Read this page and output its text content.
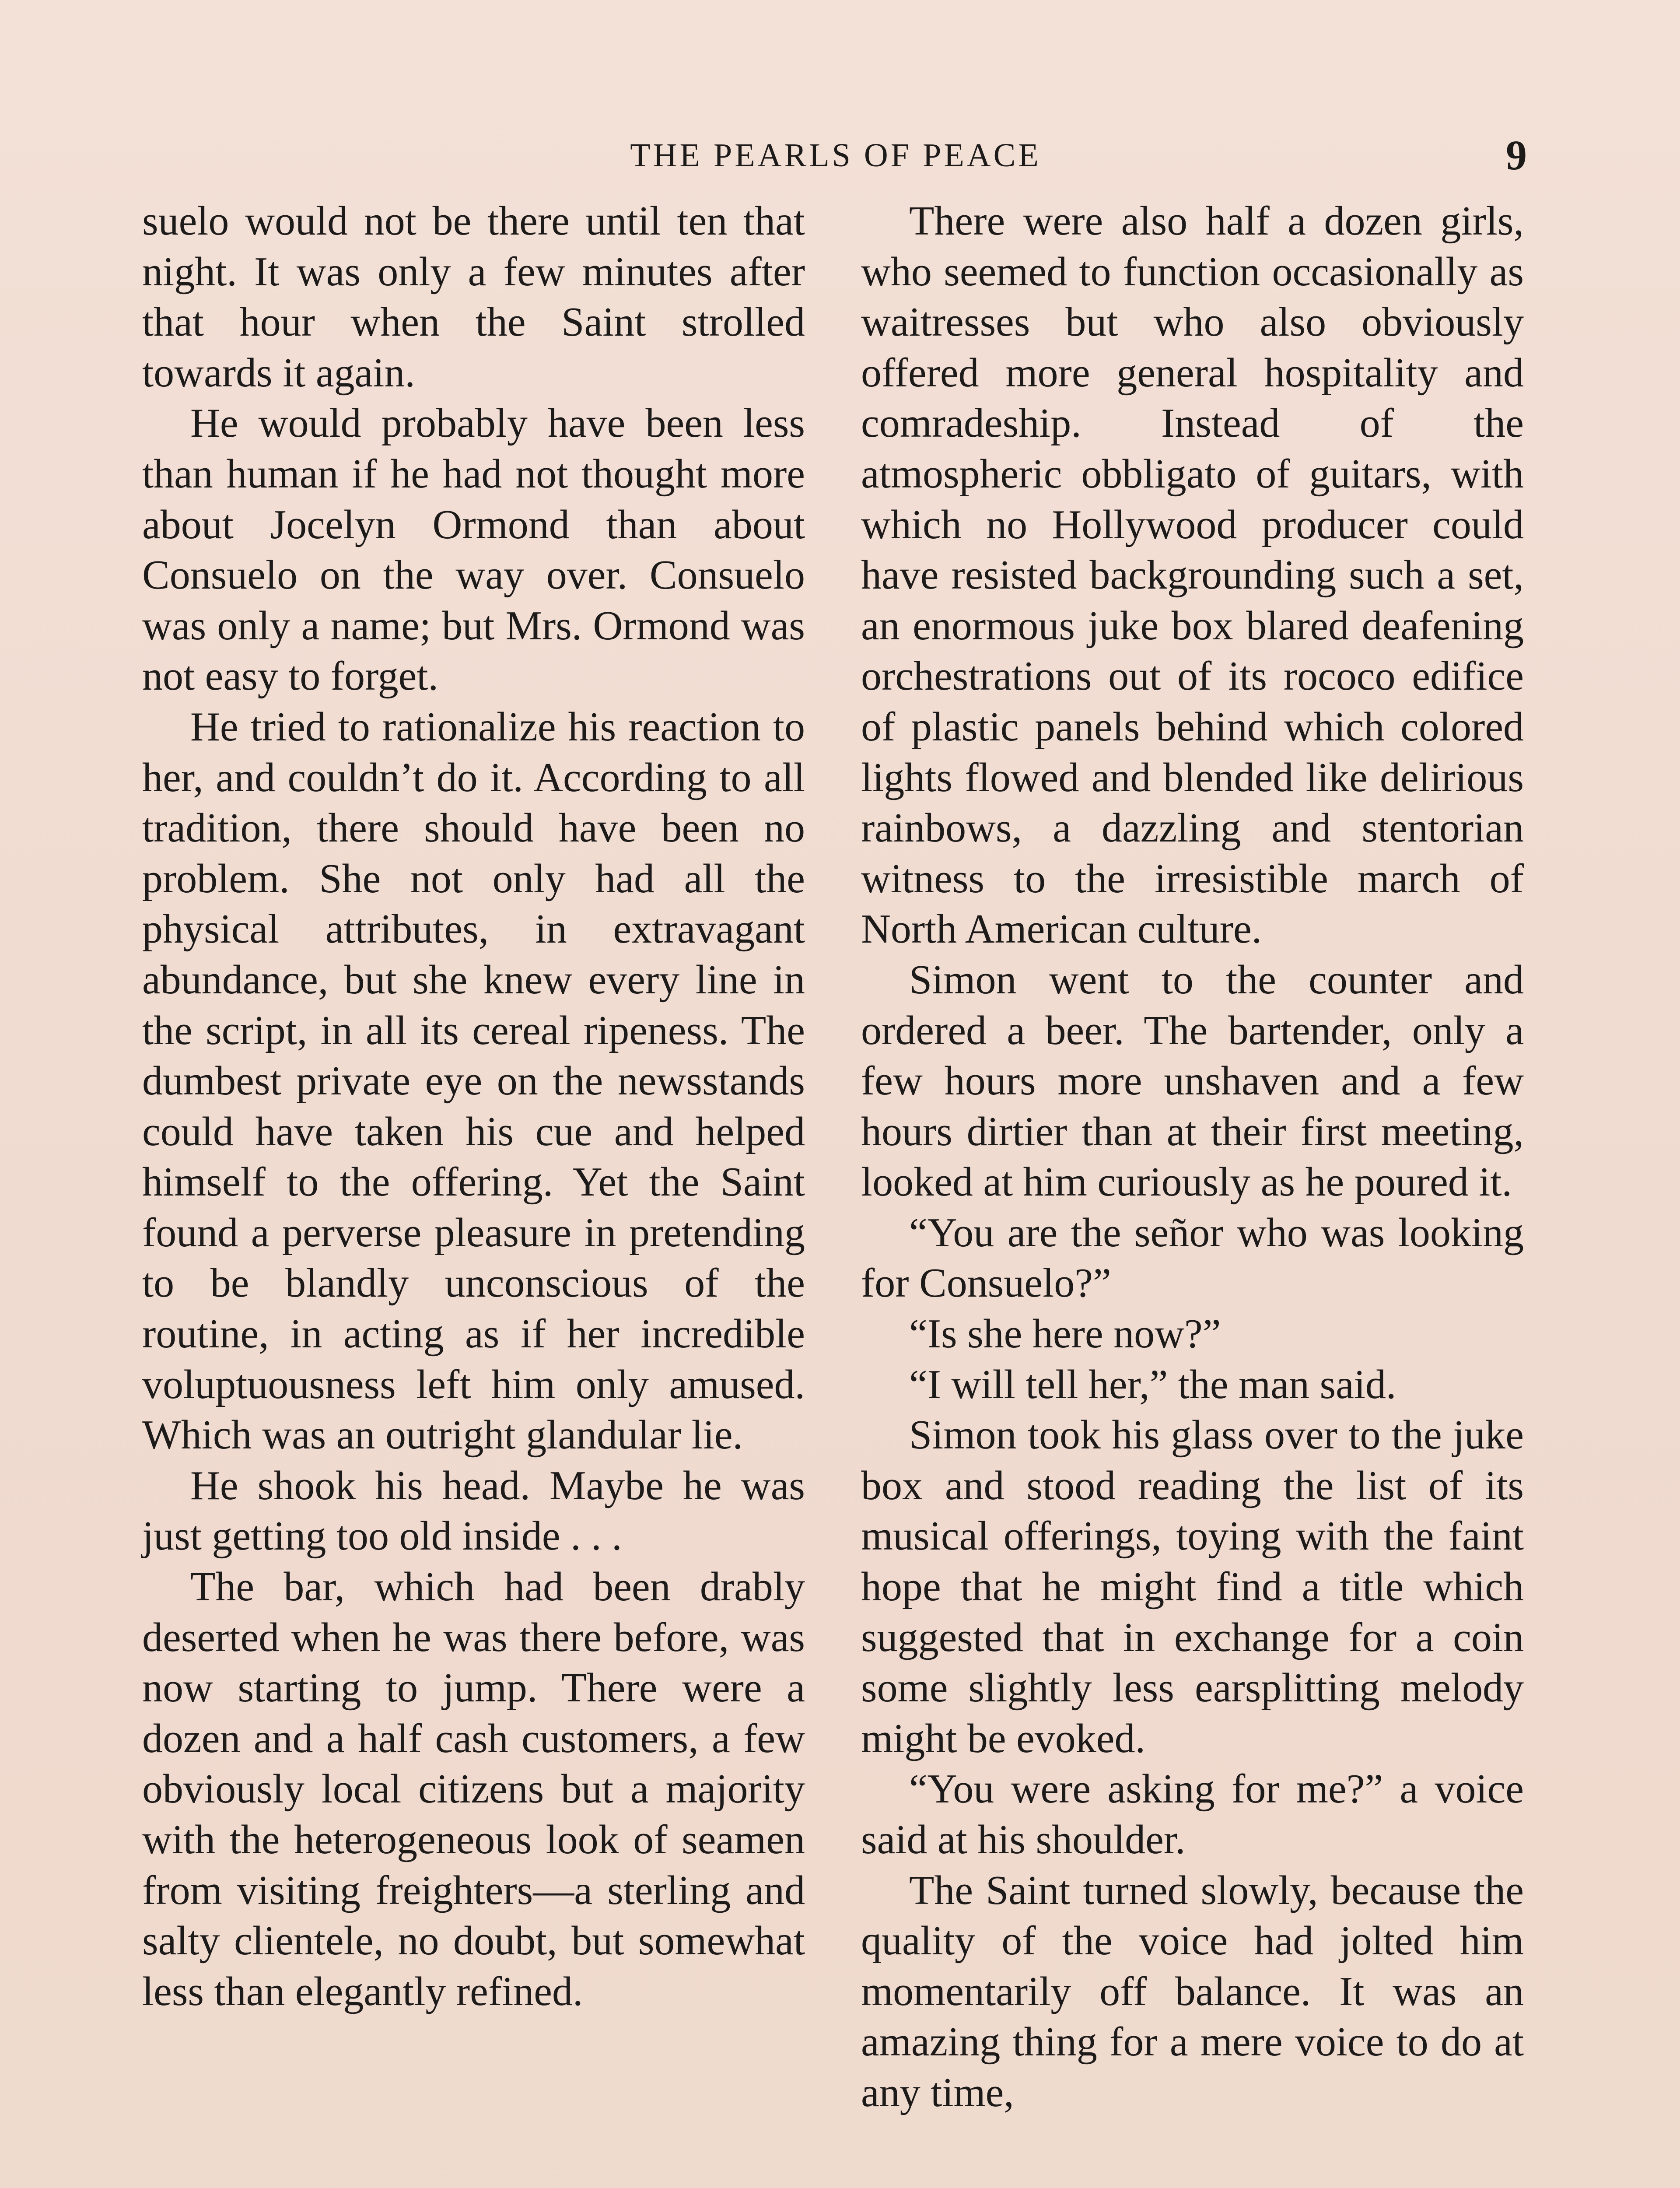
THE PEARLS OF PEACE	9

suelo would not be there until ten that night. It was only a few minutes after that hour when the Saint strolled towards it again.

He would probably have been less than human if he had not thought more about Jocelyn Ormond than about Consuelo on the way over. Consuelo was only a name; but Mrs. Ormond was not easy to forget.

He tried to rationalize his reaction to her, and couldn’t do it. According to all tradition, there should have been no problem. She not only had all the physical attributes, in extravagant abundance, but she knew every line in the script, in all its cereal ripeness. The dumbest private eye on the newsstands could have taken his cue and helped himself to the offering. Yet the Saint found a perverse pleasure in pretending to be blandly unconscious of the routine, in acting as if her incredible voluptuousness left him only amused. Which was an outright glandular lie.

He shook his head. Maybe he was just getting too old inside . . .

The bar, which had been drably deserted when he was there before, was now starting to jump. There were a dozen and a half cash customers, a few obviously local citizens but a majority with the heterogeneous look of seamen from visiting freighters—a sterling and salty clientele, no doubt, but somewhat less than elegantly refined.

There were also half a dozen girls, who seemed to function occasionally as waitresses but who also obviously offered more general hospitality and comradeship. Instead of the atmospheric obbligato of guitars, with which no Hollywood producer could have resisted backgrounding such a set, an enormous juke box blared deafening orchestrations out of its rococo edifice of plastic panels behind which colored lights flowed and blended like delirious rainbows, a dazzling and stentorian witness to the irresistible march of North American culture.

Simon went to the counter and ordered a beer. The bartender, only a few hours more unshaven and a few hours dirtier than at their first meeting, looked at him curiously as he poured it.

“You are the señor who was looking for Consuelo?”

“Is she here now?”

“I will tell her,” the man said.

Simon took his glass over to the juke box and stood reading the list of its musical offerings, toying with the faint hope that he might find a title which suggested that in exchange for a coin some slightly less earsplitting melody might be evoked.

“You were asking for me?” a voice said at his shoulder.

The Saint turned slowly, because the quality of the voice had jolted him momentarily off balance. It was an amazing thing for a mere voice to do at any time,
